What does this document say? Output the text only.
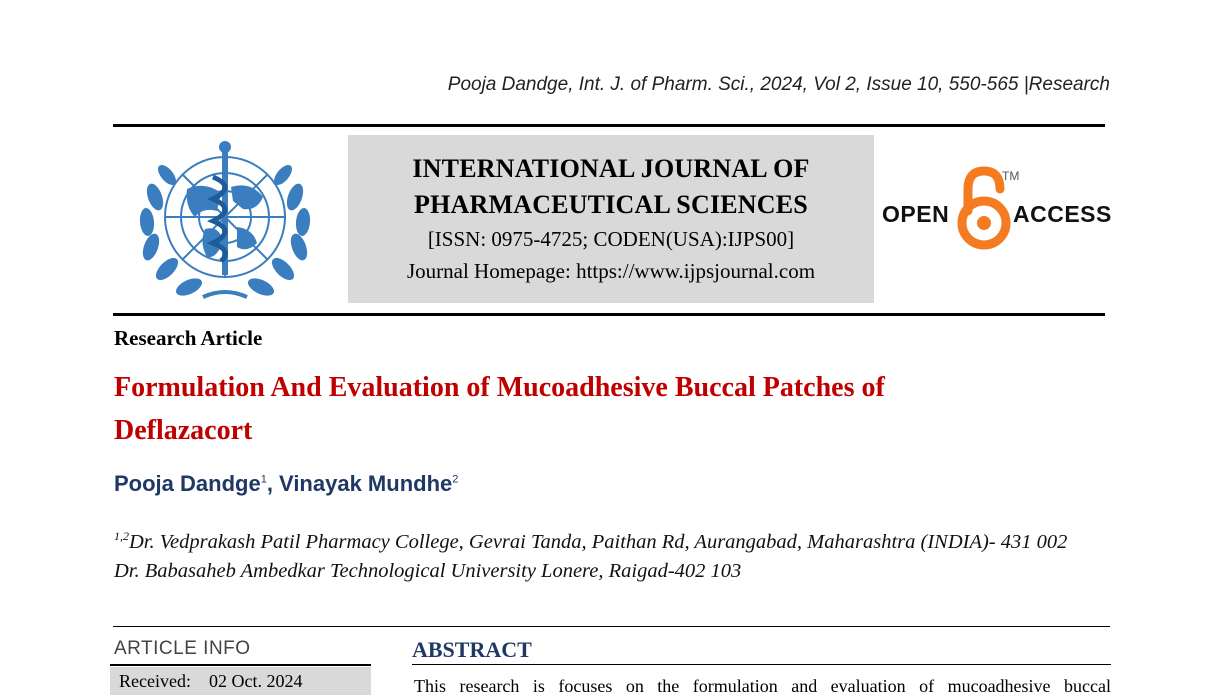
Pooja Dandge, Int. J. of Pharm. Sci., 2024, Vol 2, Issue 10, 550-565 |Research
INTERNATIONAL JOURNAL OF
PHARMACEUTICAL SCIENCES
[ISSN: 0975-4725; CODEN(USA):IJPS00]
Journal Homepage: https://www.ijpsjournal.com
OPEN
TM
ACCESS
Research Article
Formulation And Evaluation of Mucoadhesive Buccal Patches of
Deflazacort
Pooja Dandge$^1$, Vinayak Mundhe$^2$
$^{1,2}$Dr. Vedprakash Patil Pharmacy College, Gevrai Tanda, Paithan Rd, Aurangabad, Maharashtra (INDIA)- 431 002
Dr. Babasaheb Ambedkar Technological University Lonere, Raigad-402 103
ARTICLE INFO
Received: 02 Oct. 2024
ABSTRACT
This research is focuses on the formulation and evaluation of mucoadhesive buccal
